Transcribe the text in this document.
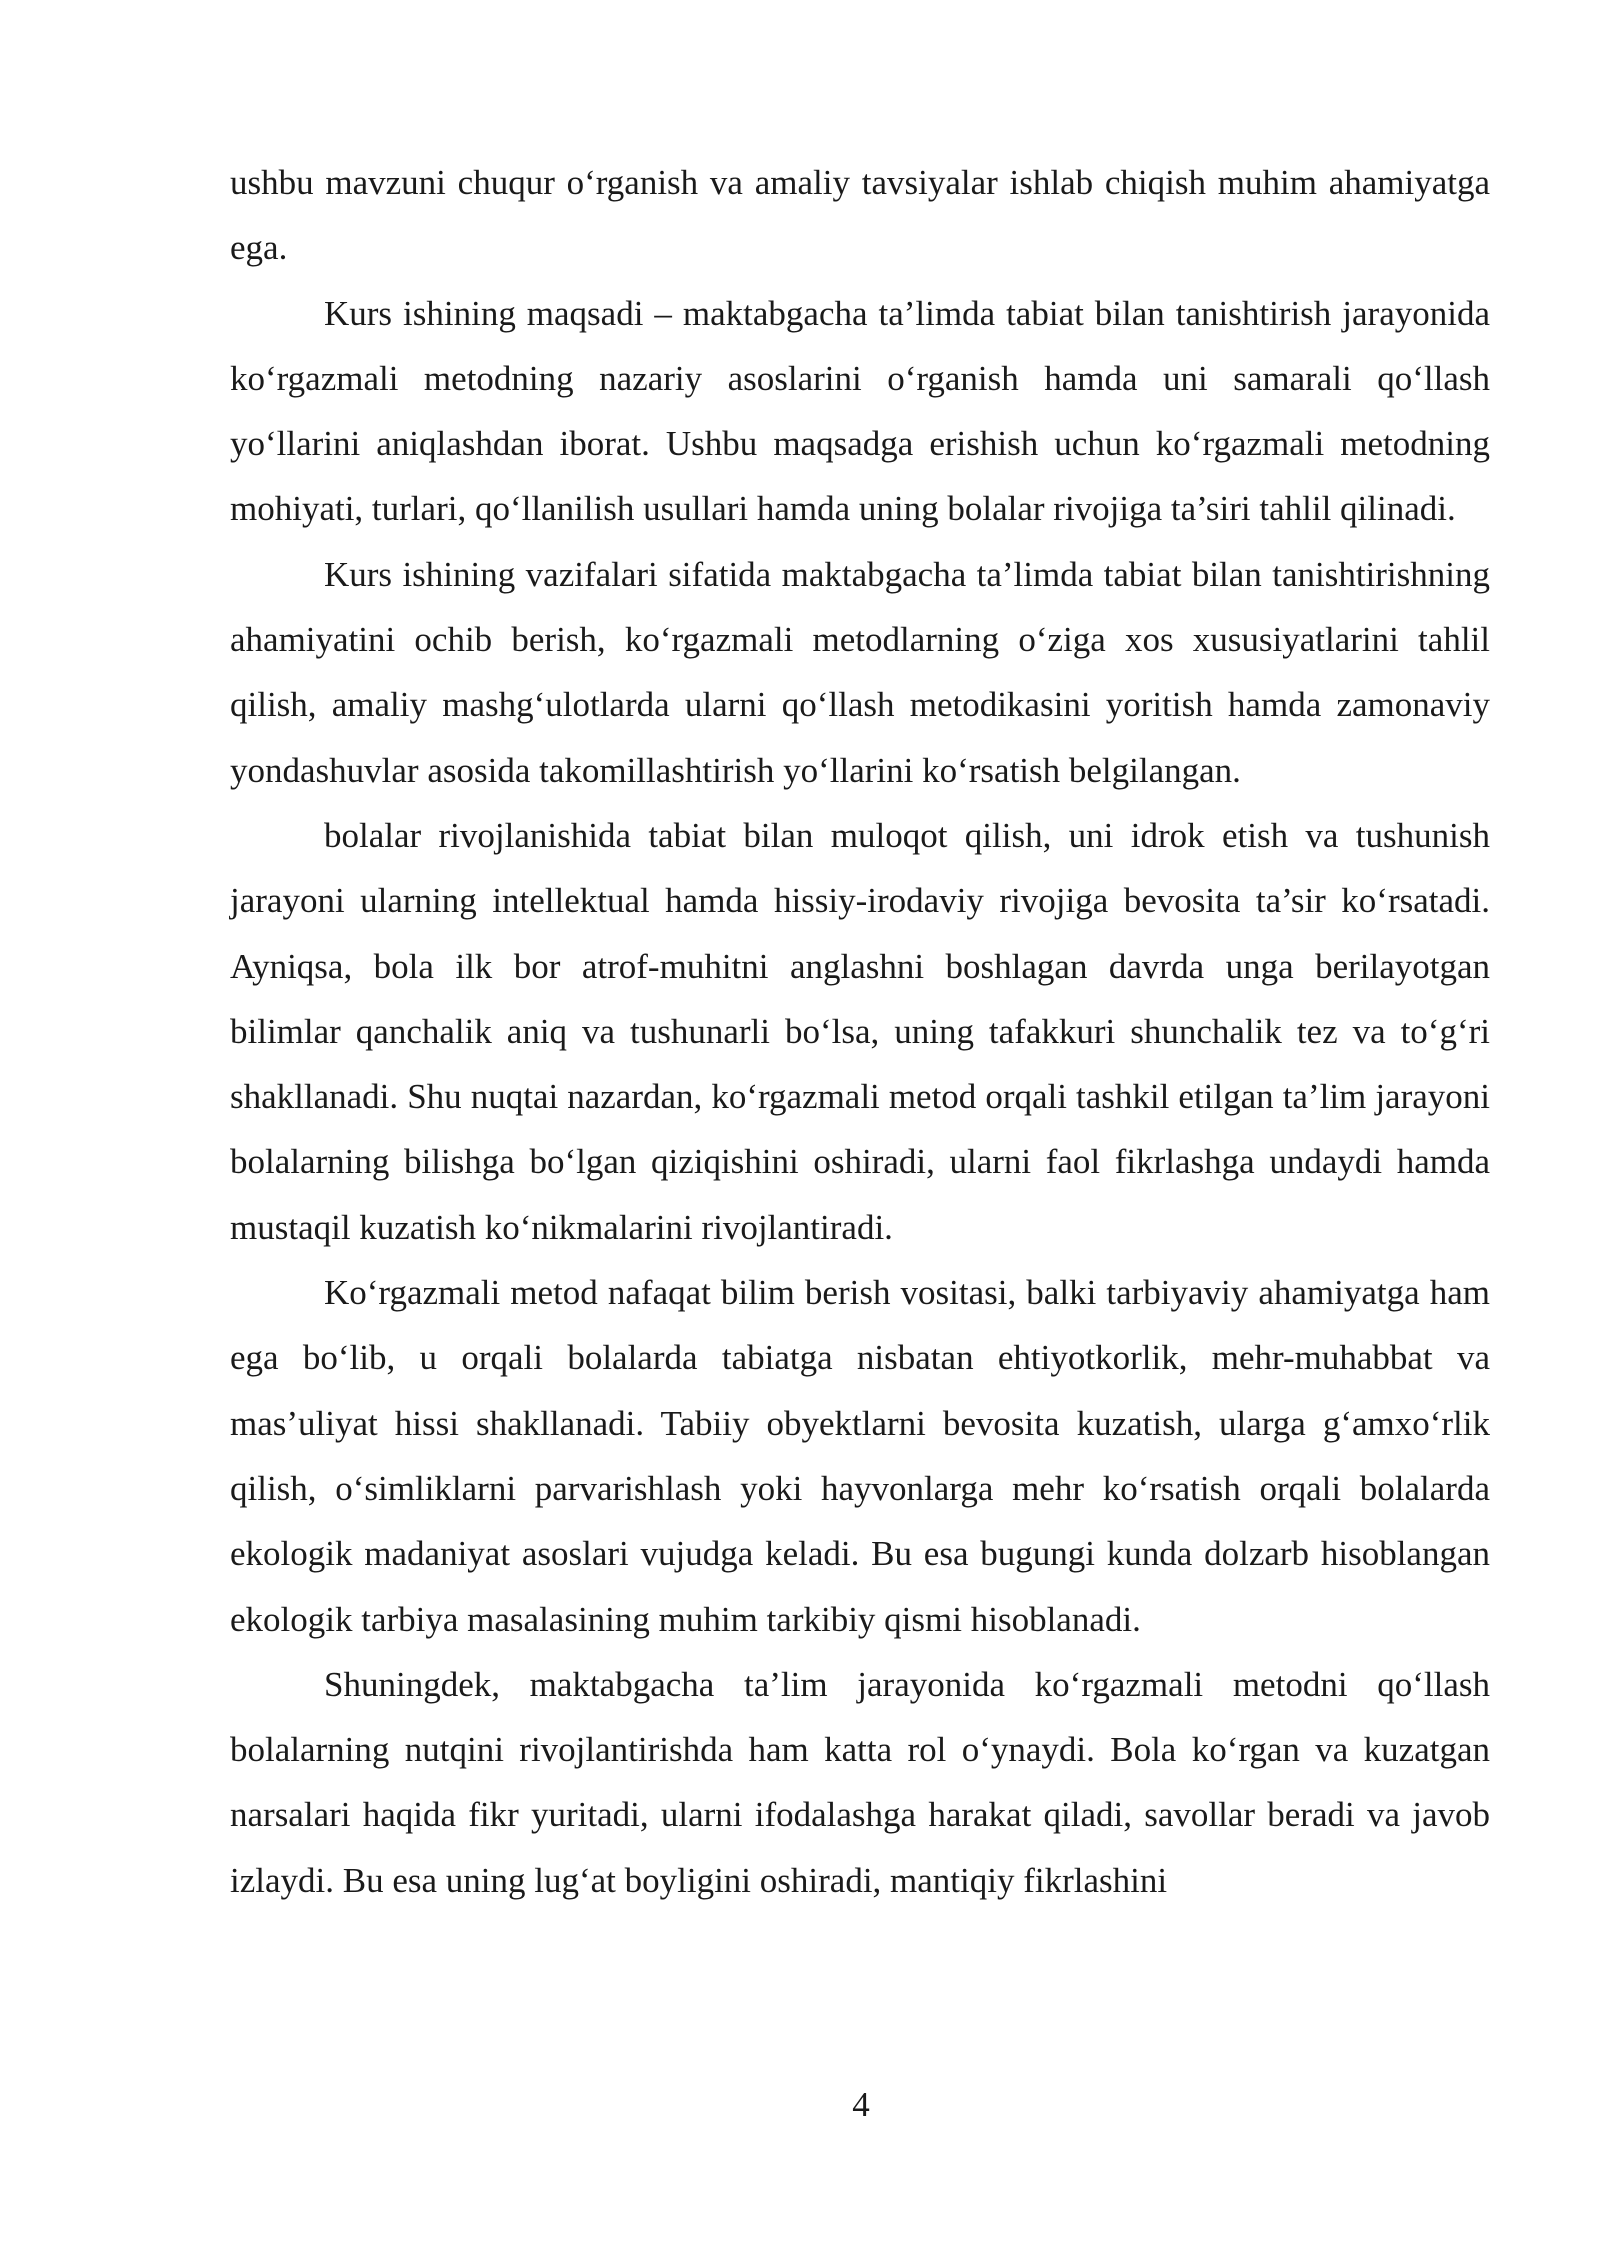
ushbu mavzuni chuqur o‘rganish va amaliy tavsiyalar ishlab chiqish muhim ahamiyatga ega.

Kurs ishining maqsadi – maktabgacha ta’limda tabiat bilan tanishtirish jarayonida ko‘rgazmali metodning nazariy asoslarini o‘rganish hamda uni samarali qo‘llash yo‘llarini aniqlashdan iborat. Ushbu maqsadga erishish uchun ko‘rgazmali metodning mohiyati, turlari, qo‘llanilish usullari hamda uning bolalar rivojiga ta’siri tahlil qilinadi.

Kurs ishining vazifalari sifatida maktabgacha ta’limda tabiat bilan tanishtirishning ahamiyatini ochib berish, ko‘rgazmali metodlarning o‘ziga xos xususiyatlarini tahlil qilish, amaliy mashg‘ulotlarda ularni qo‘llash metodikasini yoritish hamda zamonaviy yondashuvlar asosida takomillashtirish yo‘llarini ko‘rsatish belgilangan.

bolalar rivojlanishida tabiat bilan muloqot qilish, uni idrok etish va tushunish jarayoni ularning intellektual hamda hissiy-irodaviy rivojiga bevosita ta’sir ko‘rsatadi. Ayniqsa, bola ilk bor atrof-muhitni anglashni boshlagan davrda unga berilayotgan bilimlar qanchalik aniq va tushunarli bo‘lsa, uning tafakkuri shunchalik tez va to‘g‘ri shakllanadi. Shu nuqtai nazardan, ko‘rgazmali metod orqali tashkil etilgan ta’lim jarayoni bolalarning bilishga bo‘lgan qiziqishini oshiradi, ularni faol fikrlashga undaydi hamda mustaqil kuzatish ko‘nikmalarini rivojlantiradi.

Ko‘rgazmali metod nafaqat bilim berish vositasi, balki tarbiyaviy ahamiyatga ham ega bo‘lib, u orqali bolalarda tabiatga nisbatan ehtiyotkorlik, mehr-muhabbat va mas’uliyat hissi shakllanadi. Tabiiy obyektlarni bevosita kuzatish, ularga g‘amxo‘rlik qilish, o‘simliklarni parvarishlash yoki hayvonlarga mehr ko‘rsatish orqali bolalarda ekologik madaniyat asoslari vujudga keladi. Bu esa bugungi kunda dolzarb hisoblangan ekologik tarbiya masalasining muhim tarkibiy qismi hisoblanadi.

Shuningdek, maktabgacha ta’lim jarayonida ko‘rgazmali metodni qo‘llash bolalarning nutqini rivojlantirishda ham katta rol o‘ynaydi. Bola ko‘rgan va kuzatgan narsalari haqida fikr yuritadi, ularni ifodalashga harakat qiladi, savollar beradi va javob izlaydi. Bu esa uning lug‘at boyligini oshiradi, mantiqiy fikrlashini

4
